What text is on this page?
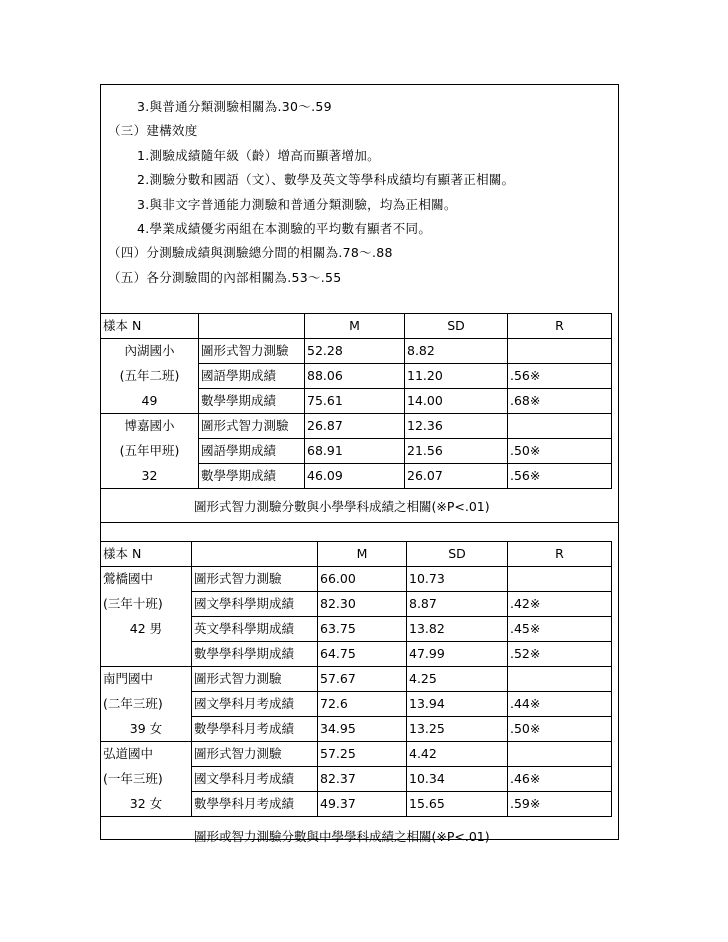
3.與普通分類測驗相關為.30～.59
（三）建構效度
1.測驗成績隨年級（齡）增高而顯著增加。
2.測驗分數和國語（文）、數學及英文等學科成績均有顯著正相關。
3.與非文字普通能力測驗和普通分類測驗，均為正相關。
4.學業成績優劣兩組在本測驗的平均數有顯者不同。
（四）分測驗成績與測驗總分間的相關為.78～.88
（五）各分測驗間的內部相關為.53～.55
樣本 N		M	SD	R
內湖國小	圖形式智力測驗	52.28	8.82	
(五年二班)	國語學期成績	88.06	11.20	.56※
49	數學學期成績	75.61	14.00	.68※
博嘉國小	圖形式智力測驗	26.87	12.36	
(五年甲班)	國語學期成績	68.91	21.56	.50※
32	數學學期成績	46.09	26.07	.56※
圖形式智力測驗分數與小學學科成績之相關(※P<.01)
樣本 N		M	SD	R
鶯橋國中	圖形式智力測驗	66.00	10.73	
(三年十班)	國文學科學期成績	82.30	8.87	.42※
42 男	英文學科學期成績	63.75	13.82	.45※
	數學學科學期成績	64.75	47.99	.52※
南門國中	圖形式智力測驗	57.67	4.25	
(二年三班)	國文學科月考成績	72.6	13.94	.44※
39 女	數學學科月考成績	34.95	13.25	.50※
弘道國中	圖形式智力測驗	57.25	4.42	
(一年三班)	國文學科月考成績	82.37	10.34	.46※
32 女	數學學科月考成績	49.37	15.65	.59※
圖形或智力測驗分數與中學學科成績之相關(※P<.01)
